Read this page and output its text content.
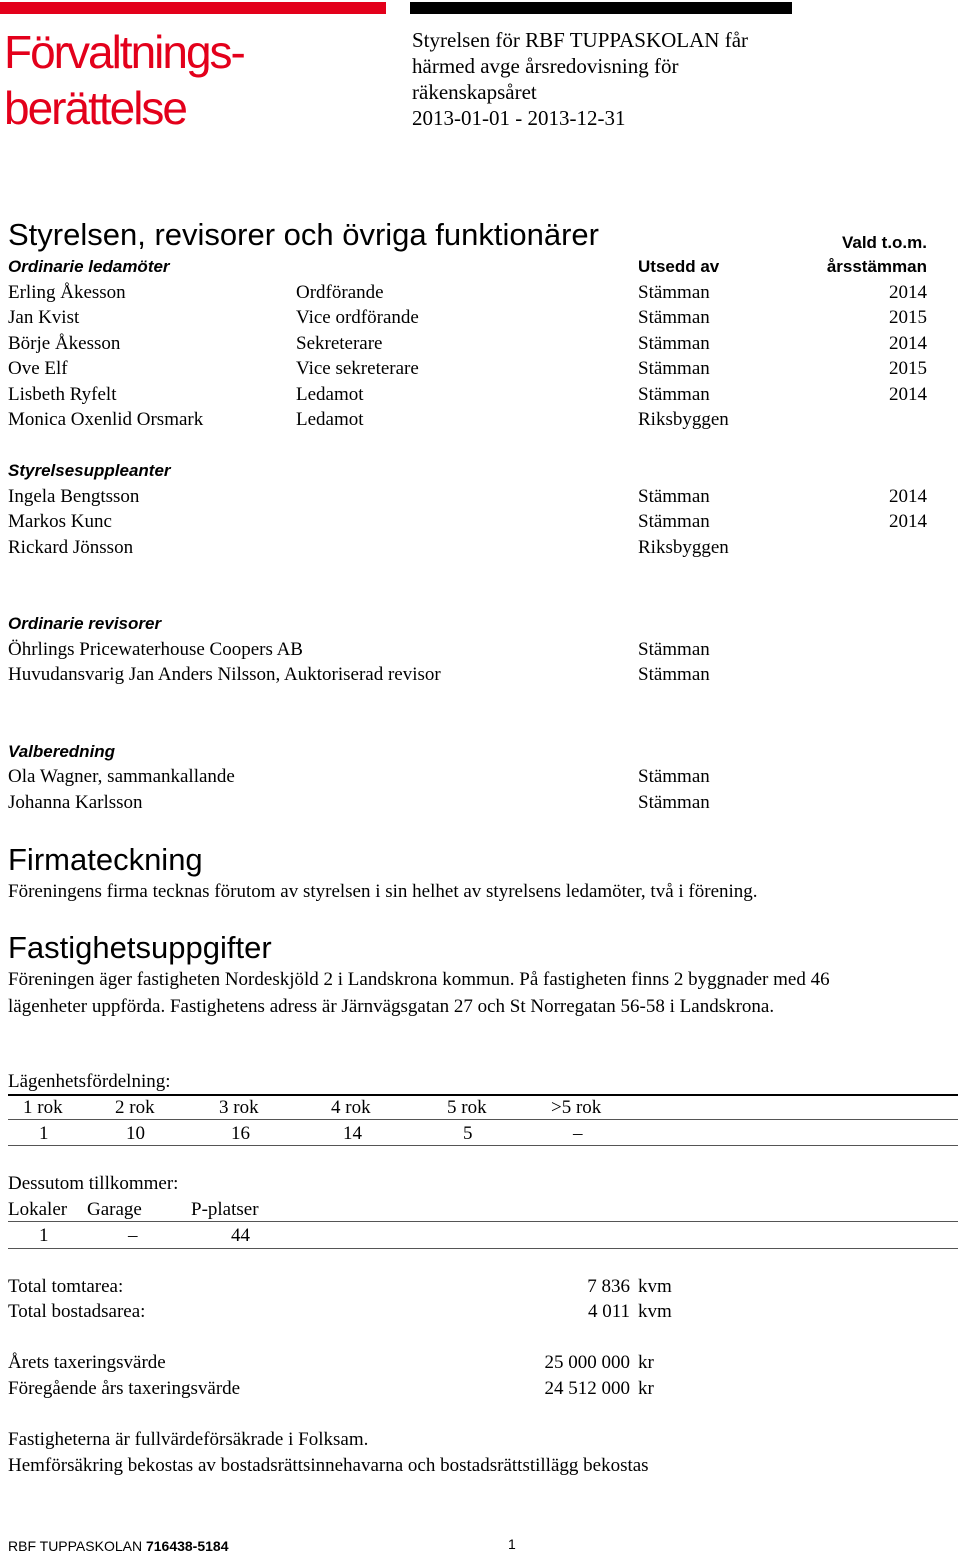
Förvaltnings-
berättelse
Styrelsen för RBF TUPPASKOLAN får
härmed avge årsredovisning för
räkenskapsåret
2013-01-01 - 2013-12-31
Styrelsen, revisorer och övriga funktionärer	Vald t.o.m.
Ordinarie ledamöter	Utsedd av	årsstämman
Erling Åkesson	Ordförande	Stämman	2014
Jan Kvist	Vice ordförande	Stämman	2015
Börje Åkesson	Sekreterare	Stämman	2014
Ove Elf	Vice sekreterare	Stämman	2015
Lisbeth Ryfelt	Ledamot	Stämman	2014
Monica Oxenlid Orsmark	Ledamot	Riksbyggen
Styrelsesuppleanter
Ingela Bengtsson	Stämman	2014
Markos Kunc	Stämman	2014
Rickard Jönsson	Riksbyggen
Ordinarie revisorer
Öhrlings Pricewaterhouse Coopers AB	Stämman
Huvudansvarig Jan Anders Nilsson, Auktoriserad revisor	Stämman
Valberedning
Ola Wagner, sammankallande	Stämman
Johanna Karlsson	Stämman
Firmateckning
Föreningens firma tecknas förutom av styrelsen i sin helhet av styrelsens ledamöter, två i förening.
Fastighetsuppgifter
Föreningen äger fastigheten Nordeskjöld 2 i Landskrona kommun. På fastigheten finns 2 byggnader med 46
lägenheter uppförda. Fastighetens adress är Järnvägsgatan 27 och St Norregatan 56-58 i Landskrona.
Lägenhetsfördelning:
1 rok	2 rok	3 rok	4 rok	5 rok	>5 rok
1	10	16	14	5	–
Dessutom tillkommer:
Lokaler Garage	P-platser
1	–	44
Total tomtarea:	7 836 kvm
Total bostadsarea:	4 011 kvm
Årets taxeringsvärde	25 000 000 kr
Föregående års taxeringsvärde	24 512 000 kr
Fastigheterna är fullvärdeförsäkrade i Folksam.
Hemförsäkring bekostas av bostadsrättsinnehavarna och bostadsrättstillägg bekostas
RBF TUPPASKOLAN 716438-5184	1
